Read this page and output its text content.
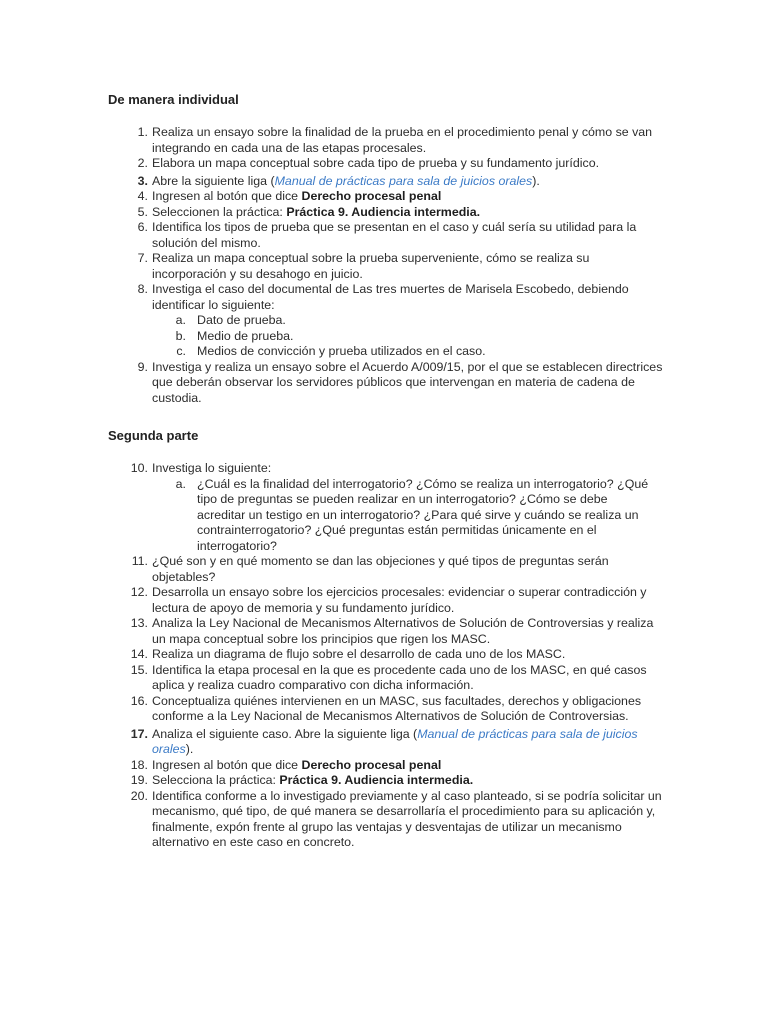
De manera individual
1. Realiza un ensayo sobre la finalidad de la prueba en el procedimiento penal y cómo se van integrando en cada una de las etapas procesales.
2. Elabora un mapa conceptual sobre cada tipo de prueba y su fundamento jurídico.
3. Abre la siguiente liga (Manual de prácticas para sala de juicios orales).
4. Ingresen al botón que dice Derecho procesal penal
5. Seleccionen la práctica: Práctica 9. Audiencia intermedia.
6. Identifica los tipos de prueba que se presentan en el caso y cuál sería su utilidad para la solución del mismo.
7. Realiza un mapa conceptual sobre la prueba superveniente, cómo se realiza su incorporación y su desahogo en juicio.
8. Investiga el caso del documental de Las tres muertes de Marisela Escobedo, debiendo identificar lo siguiente:
a. Dato de prueba.
b. Medio de prueba.
c. Medios de convicción y prueba utilizados en el caso.
9. Investiga y realiza un ensayo sobre el Acuerdo A/009/15, por el que se establecen directrices que deberán observar los servidores públicos que intervengan en materia de cadena de custodia.
Segunda parte
10. Investiga lo siguiente:
a. ¿Cuál es la finalidad del interrogatorio? ¿Cómo se realiza un interrogatorio? ¿Qué tipo de preguntas se pueden realizar en un interrogatorio? ¿Cómo se debe acreditar un testigo en un interrogatorio? ¿Para qué sirve y cuándo se realiza un contrainterrogatorio? ¿Qué preguntas están permitidas únicamente en el interrogatorio?
11. ¿Qué son y en qué momento se dan las objeciones y qué tipos de preguntas serán objetables?
12. Desarrolla un ensayo sobre los ejercicios procesales: evidenciar o superar contradicción y lectura de apoyo de memoria y su fundamento jurídico.
13. Analiza la Ley Nacional de Mecanismos Alternativos de Solución de Controversias y realiza un mapa conceptual sobre los principios que rigen los MASC.
14. Realiza un diagrama de flujo sobre el desarrollo de cada uno de los MASC.
15. Identifica la etapa procesal en la que es procedente cada uno de los MASC, en qué casos aplica y realiza cuadro comparativo con dicha información.
16. Conceptualiza quiénes intervienen en un MASC, sus facultades, derechos y obligaciones conforme a la Ley Nacional de Mecanismos Alternativos de Solución de Controversias.
17. Analiza el siguiente caso. Abre la siguiente liga (Manual de prácticas para sala de juicios orales).
18. Ingresen al botón que dice Derecho procesal penal
19. Selecciona la práctica: Práctica 9. Audiencia intermedia.
20. Identifica conforme a lo investigado previamente y al caso planteado, si se podría solicitar un mecanismo, qué tipo, de qué manera se desarrollaría el procedimiento para su aplicación y, finalmente, expón frente al grupo las ventajas y desventajas de utilizar un mecanismo alternativo en este caso en concreto.
